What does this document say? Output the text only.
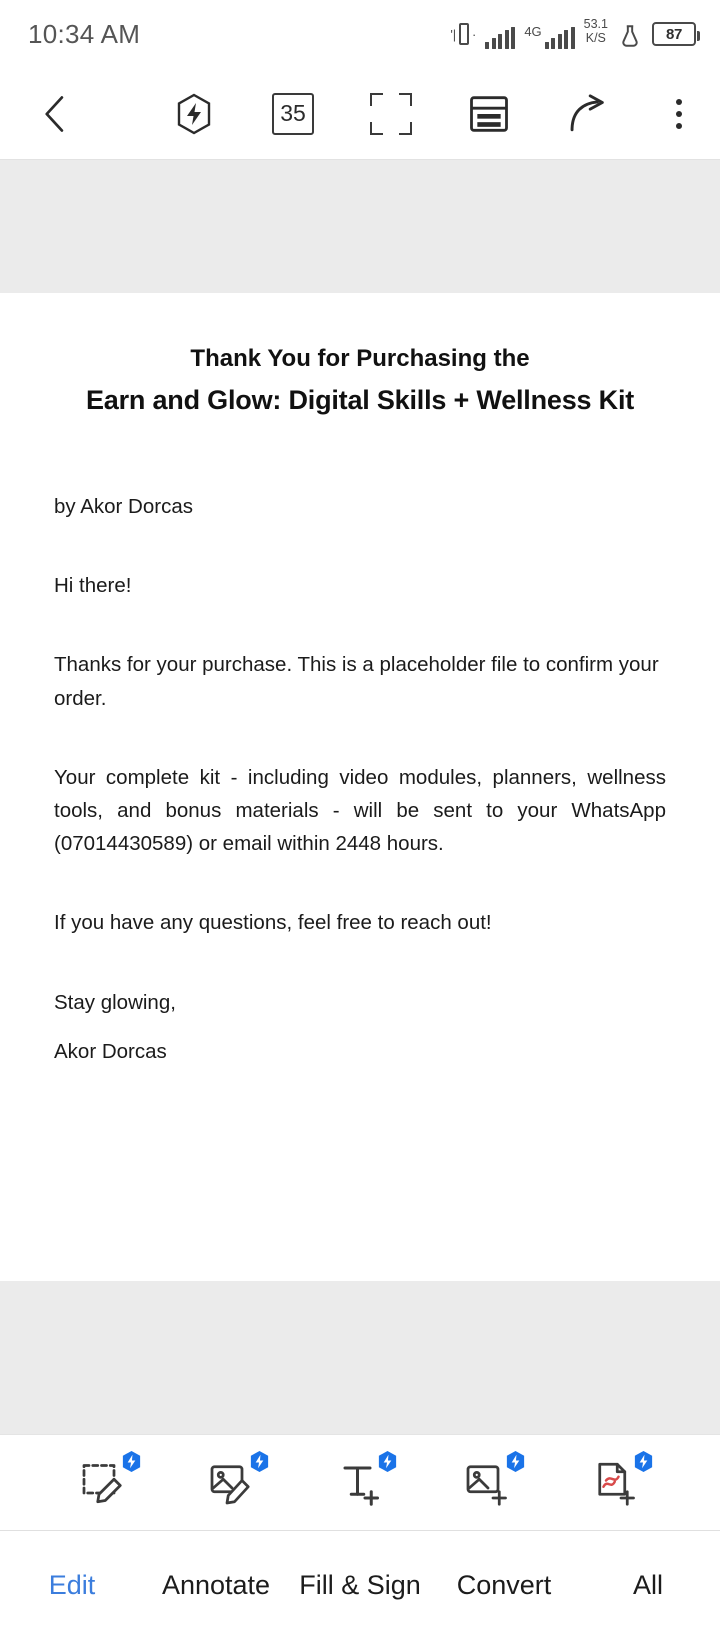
10:34 AM	'| ·	4G	53.1
K/S	87
35
Thank You for Purchasing the
Earn and Glow: Digital Skills + Wellness Kit

by Akor Dorcas

Hi there!

Thanks for your purchase. This is a placeholder file to confirm your order.

Your complete kit - including video modules, planners, wellness tools, and bonus materials - will be sent to your WhatsApp (07014430589) or email within 2448 hours.

If you have any questions, feel free to reach out!

Stay glowing,

Akor Dorcas

Edit	Annotate	Fill & Sign	Convert	All
